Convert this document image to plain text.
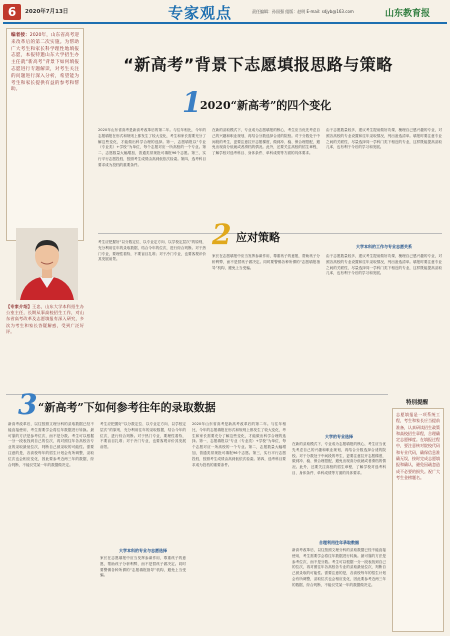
6	2020年7月13日	专家观点	责任编辑：孙国强 组版：赵明 E-mail: sdjyb@163.com	山东教育报
编者按：2020年，山东省高考迎来改革后的第二次实施。为帮助广大考生和家长科学理性地填报志愿，本报特邀山东大学招生办主任就“新高考”背景下如何填报志愿进行专题解读，对考生关注的问题进行深入分析，希望能为考生和家长提供有益的参考和帮助。
【专家介绍】王忠，山东大学本科招生办公室主任，长期从事高校招生工作，对山东省高考改革及志愿填报有深入研究，多次为考生和家长答疑解惑，受到广泛好评。
“新高考”背景下志愿填报思路与策略
1
2020“新高考”的四个变化
2020年山东省高考是新高考改革后的第二年。与往年相比，今年的志愿填报在形式和规则上都发生了较大变化，考生和家长需要充分了解这些变化，才能做出科学合理的选择。第一，志愿填报以“专业（专业类）+学校”为单位，每个志愿对应一所高校的一个专业。第二，志愿数量大幅增加，普通类常规批可填报96个志愿。第三，实行平行志愿投档，按照考生成绩由高到低依次检索。第四，选考科目要求成为投档的重要条件。
在新的录取模式下，专业成为志愿填报的核心，考生应当优先考虑自己的兴趣和职业规划，再结合分数选择合适的院校。对于分数处于中间段的考生，更要注意拉开志愿梯度，做到冲、稳、保合理搭配，避免出现高分低就或者滑档的情况。此外，还要关注高校的招生章程，了解学校对选考科目、身体条件、单科成绩等方面的具体要求。
由于志愿数量较多，建议考生提前做好功课，梳理自己感兴趣的专业，对照各高校的专业设置和往年录取情况，列出备选清单。填报时要注意专业之间的关联性，尽量选择同一学科门类下相近的专业，这样既能提高录取几率，也有利于今后的学习和发展。
考生应把握好“以分数定位、以专业定方向、以学校定层次”的原则，充分利用往年的录取数据，结合今年的位次，进行综合判断。对于热门专业，要理性看待，不要盲目扎堆；对于冷门专业，也要客观评价其发展前景。
2 应对策略
家长在志愿填报中应当发挥参谋作用，尊重孩子的意愿，帮助孩子分析利弊，而不是替孩子做决定。同时要警惕各种所谓的“志愿填报指导”机构，避免上当受骗。
大学本科的工作与专业志愿关系
由于志愿数量较多，建议考生提前做好功课，梳理自己感兴趣的专业，对照各高校的专业设置和往年录取情况，列出备选清单。填报时要注意专业之间的关联性，尽量选择同一学科门类下相近的专业，这样既能提高录取几率，也有利于今后的学习和发展。
3 “新高考”下如何参考往年的录取数据
新高考改革后，以往按照文理分科的录取数据已经不能直接使用，考生需要学会将往年数据进行转换。最可靠的方法是参考位次，而不是分数。考生可以根据一分一段表找到自己的位次，再对照往年各高校各专业的录取最低位次，判断自己被录取的可能性。需要注意的是，各高校每年的招生计划会有所调整，录取位次也会相应变化，因此要参考近两三年的数据，综合判断，不能仅凭某一年的数据做决定。
大学本科的专业与志愿选择
考生应把握好“以分数定位、以专业定方向、以学校定层次”的原则，充分利用往年的录取数据，结合今年的位次，进行综合判断。对于热门专业，要理性看待，不要盲目扎堆；对于冷门专业，也要客观评价其发展前景。
家长在志愿填报中应当发挥参谋作用，尊重孩子的意愿，帮助孩子分析利弊，而不是替孩子做决定。同时要警惕各种所谓的“志愿填报指导”机构，避免上当受骗。
2020年山东省高考是新高考改革后的第二年。与往年相比，今年的志愿填报在形式和规则上都发生了较大变化，考生和家长需要充分了解这些变化，才能做出科学合理的选择。第一，志愿填报以“专业（专业类）+学校”为单位，每个志愿对应一所高校的一个专业。第二，志愿数量大幅增加，普通类常规批可填报96个志愿。第三，实行平行志愿投档，按照考生成绩由高到低依次检索。第四，选考科目要求成为投档的重要条件。
大学的专业选择
在新的录取模式下，专业成为志愿填报的核心，考生应当优先考虑自己的兴趣和职业规划，再结合分数选择合适的院校。对于分数处于中间段的考生，更要注意拉开志愿梯度，做到冲、稳、保合理搭配，避免出现高分低就或者滑档的情况。此外，还要关注高校的招生章程，了解学校对选考科目、身体条件、单科成绩等方面的具体要求。
合理利用往年录取数据
新高考改革后，以往按照文理分科的录取数据已经不能直接使用，考生需要学会将往年数据进行转换。最可靠的方法是参考位次，而不是分数。考生可以根据一分一段表找到自己的位次，再对照往年各高校各专业的录取最低位次，判断自己被录取的可能性。需要注意的是，各高校每年的招生计划会有所调整，录取位次也会相应变化，因此要参考近两三年的数据，综合判断，不能仅凭某一年的数据做决定。
特别提醒
志愿填报是一项系统工程，考生和家长应当提前准备，认真研读招生政策和高校招生章程，合理确定志愿梯度。在填报过程中，要注意核对院校代码和专业代码，确保信息准确无误，按时完成志愿填报和确认，避免因疏忽造成不必要的损失。祝广大考生金榜题名。
